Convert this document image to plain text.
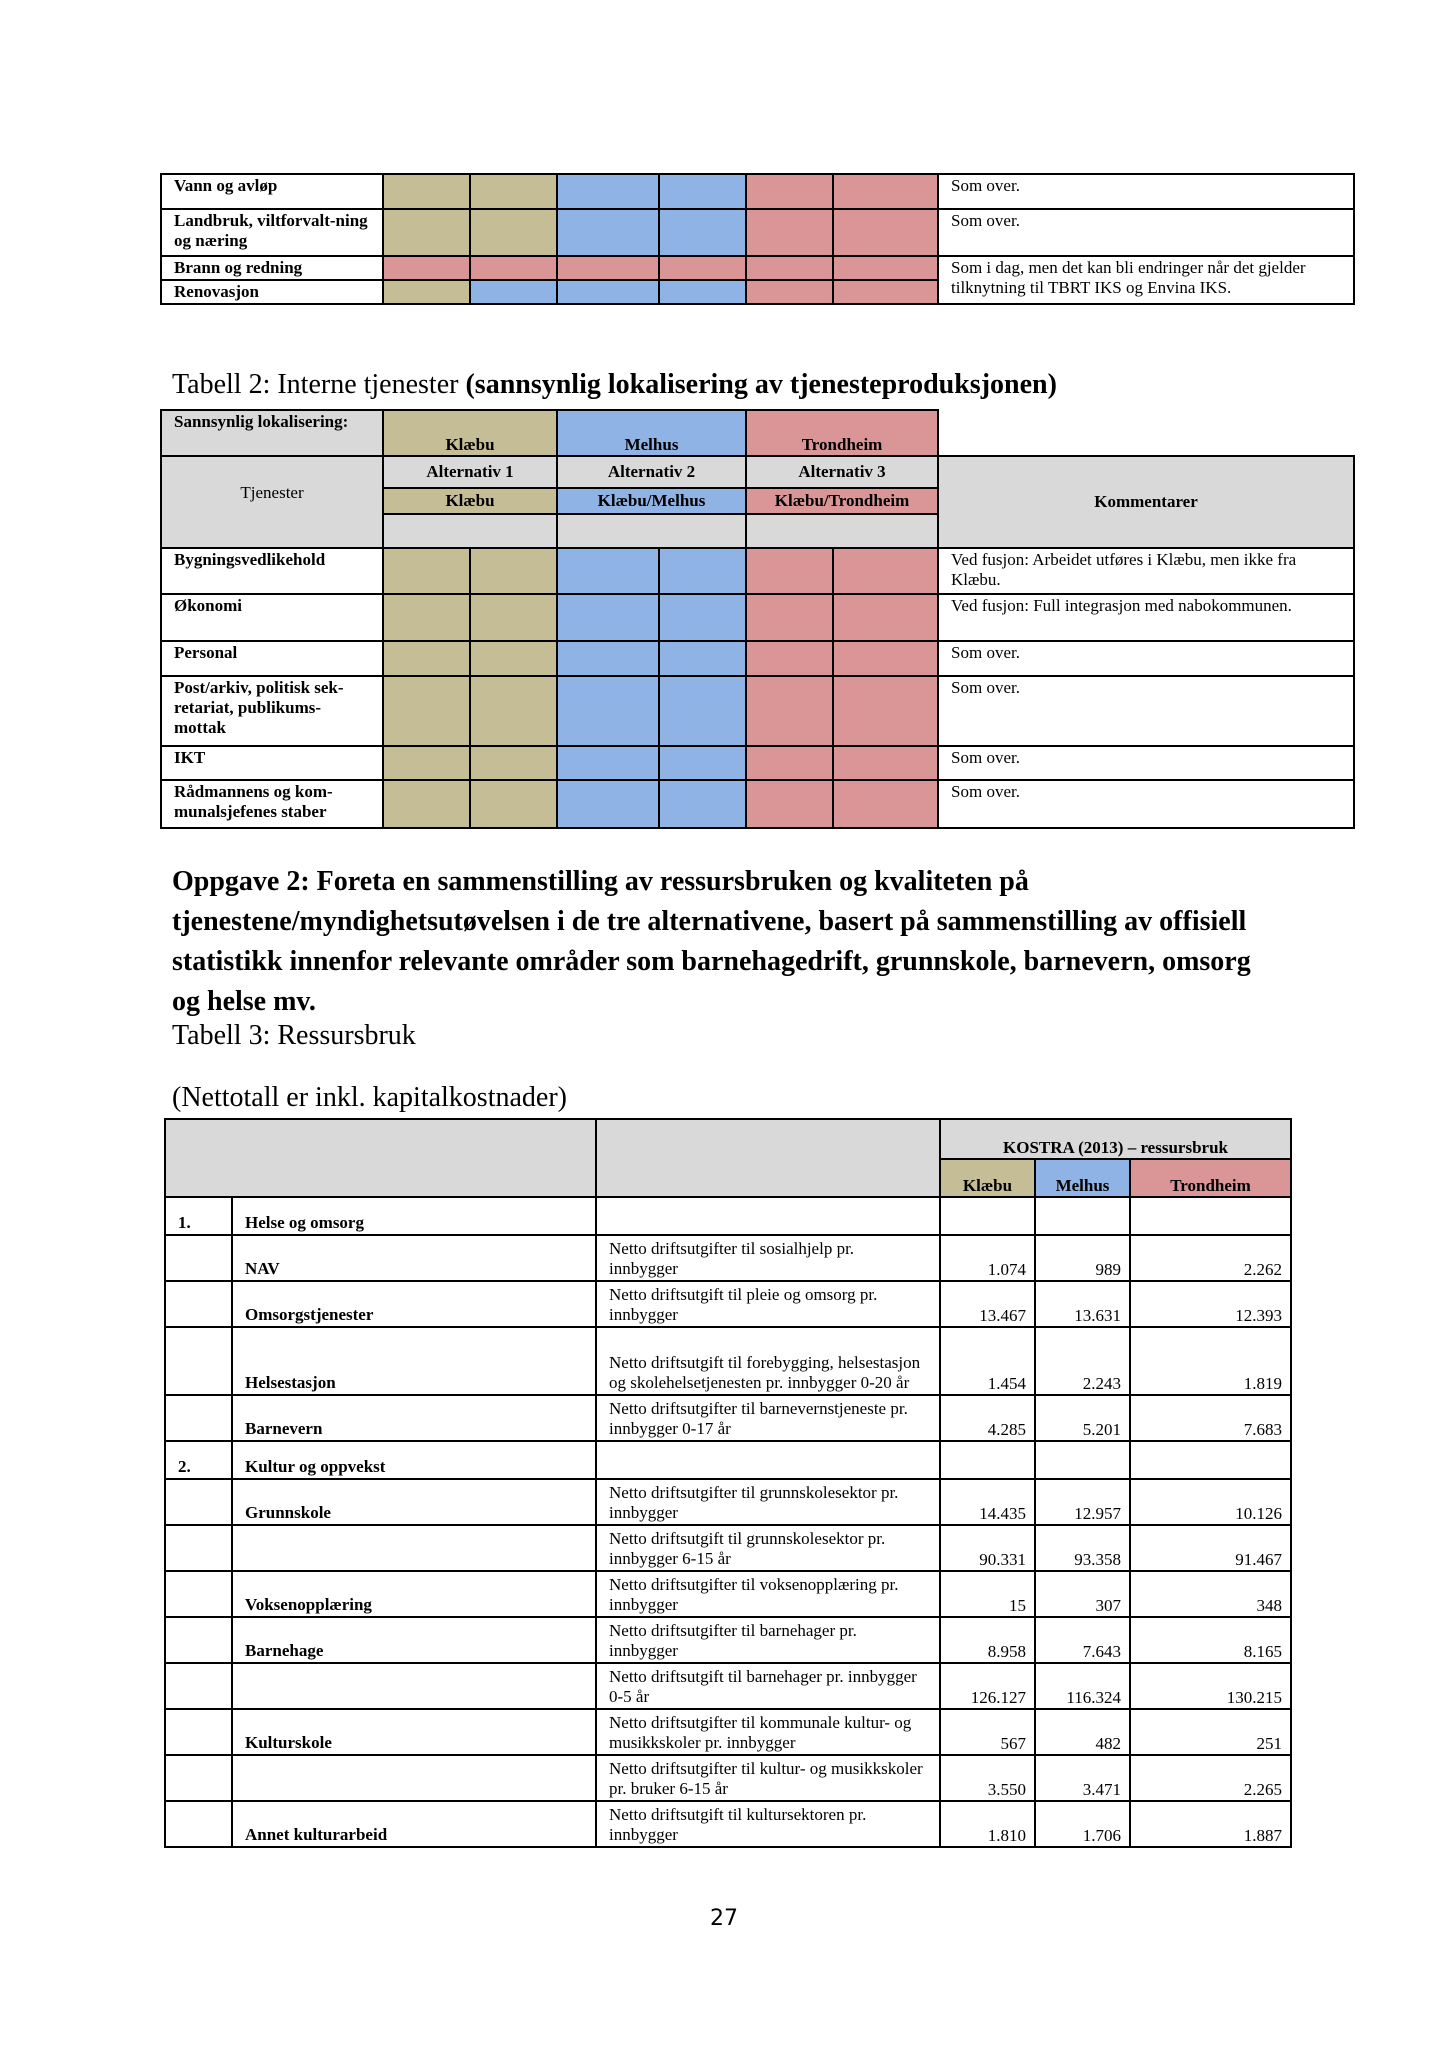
Vann og avløp							Som over.
Landbruk, viltforvalt-ning og næring							Som over.
Brann og redning							Som i dag, men det kan bli endringer når det gjelder tilknytning til TBRT IKS og Envina IKS.
Renovasjon							
Tabell 2: Interne tjenester (sannsynlig lokalisering av tjenesteproduksjonen)
Sannsynlig lokalisering:	Klæbu		Melhus		Trondheim		
Tjenester	Alternativ 1		Alternativ 2		Alternativ 3		Kommentarer
	Klæbu		Klæbu/Melhus		Klæbu/Trondheim		

Bygningsvedlikehold							Ved fusjon: Arbeidet utføres i Klæbu, men ikke fra Klæbu.
Økonomi							Ved fusjon: Full integrasjon med nabokommunen.
Personal							Som over.
Post/arkiv, politisk sek-retariat, publikums-mottak							Som over.
IKT							Som over.
Rådmannens og kom-munalsjefenes staber							Som over.
Oppgave 2: Foreta en sammenstilling av ressursbruken og kvaliteten på tjenestene/myndighetsutøvelsen i de tre alternativene, basert på sammenstilling av offisiell statistikk innenfor relevante områder som barnehagedrift, grunnskole, barnevern, omsorg og helse mv.
Tabell 3: Ressursbruk
(Nettotall er inkl. kapitalkostnader)
			KOSTRA (2013) – ressursbruk		
			Klæbu	Melhus	Trondheim
1.	Helse og omsorg				
	NAV	Netto driftsutgifter til sosialhjelp pr. innbygger	1.074	989	2.262
	Omsorgstjenester	Netto driftsutgift til pleie og omsorg pr. innbygger	13.467	13.631	12.393
	Helsestasjon	Netto driftsutgift til forebygging, helsestasjon og skolehelsetjenesten pr. innbygger 0-20 år	1.454	2.243	1.819
	Barnevern	Netto driftsutgifter til barnevernstjeneste pr. innbygger 0-17 år	4.285	5.201	7.683
2.	Kultur og oppvekst				
	Grunnskole	Netto driftsutgifter til grunnskolesektor pr. innbygger	14.435	12.957	10.126
		Netto driftsutgift til grunnskolesektor pr. innbygger 6-15 år	90.331	93.358	91.467
	Voksenopplæring	Netto driftsutgifter til voksenopplæring pr. innbygger	15	307	348
	Barnehage	Netto driftsutgifter til barnehager pr. innbygger	8.958	7.643	8.165
		Netto driftsutgift til barnehager pr. innbygger 0-5 år	126.127	116.324	130.215
	Kulturskole	Netto driftsutgifter til kommunale kultur- og musikkskoler pr. innbygger	567	482	251
		Netto driftsutgifter til kultur- og musikkskoler pr. bruker 6-15 år	3.550	3.471	2.265
	Annet kulturarbeid	Netto driftsutgift til kultursektoren pr. innbygger	1.810	1.706	1.887
27
